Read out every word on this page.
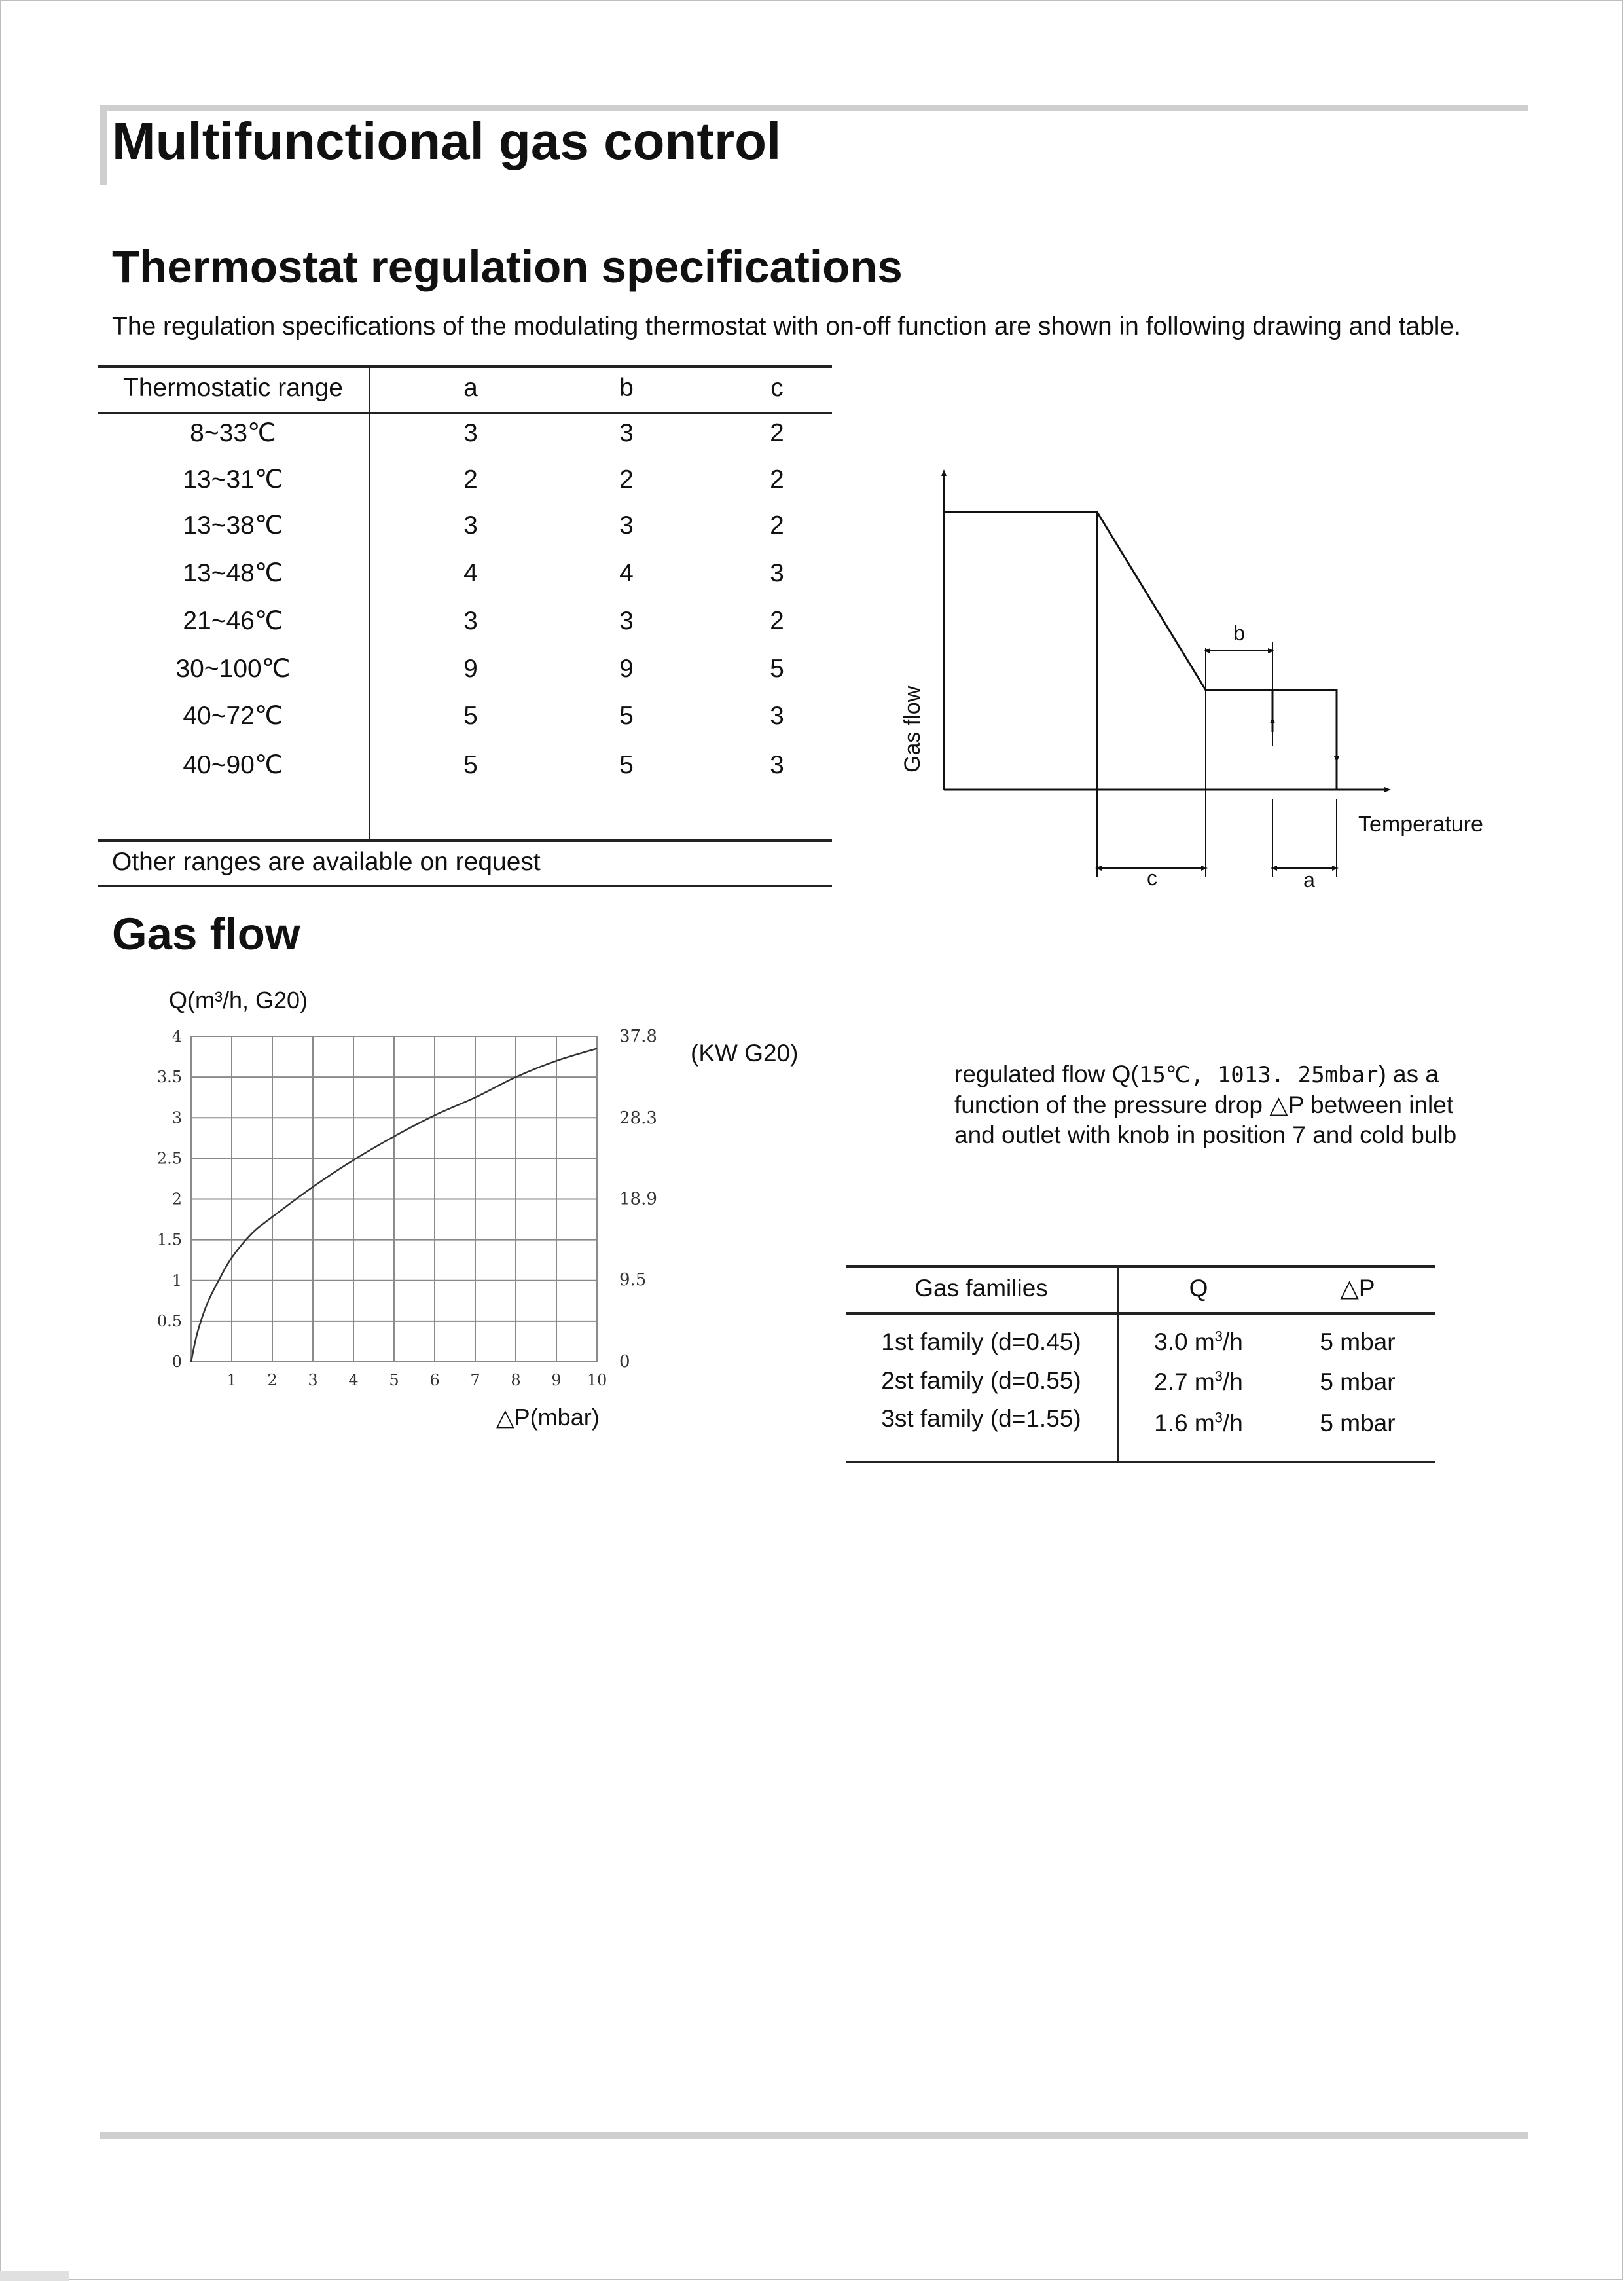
Multifunctional gas control
Thermostat regulation specifications
The regulation specifications of the modulating thermostat with on-off function are shown in following drawing and table.
Thermostatic range	a	b	c
8~33℃	3	3	2
13~31℃	2	2	2
13~38℃	3	3	2
13~48℃	4	4	3
21~46℃	3	3	2
30~100℃	9	9	5
40~72℃	5	5	3
40~90℃	5	5	3
Other ranges are available on request
Gas flow
Temperature
b
c	a
Gas flow
Q(m³/h, G20)
0
0.5
1
1.5
2
2.5
3
3.5
4
0
9.5
18.9
28.3
37.8
1 2 3 4 5 6 7 8 9 10
△P(mbar)
(KW G20)
regulated flow Q(15℃, 1013. 25mbar) as a function of the pressure drop △P between inlet and outlet with knob in position 7 and cold bulb
Gas families	Q	△P
1st family (d=0.45)	3.0 $m^3/h$	5 mbar
2st family (d=0.55)	2.7 $m^3/h$	5 mbar
3st family (d=1.55)	1.6 $m^3/h$	5 mbar
